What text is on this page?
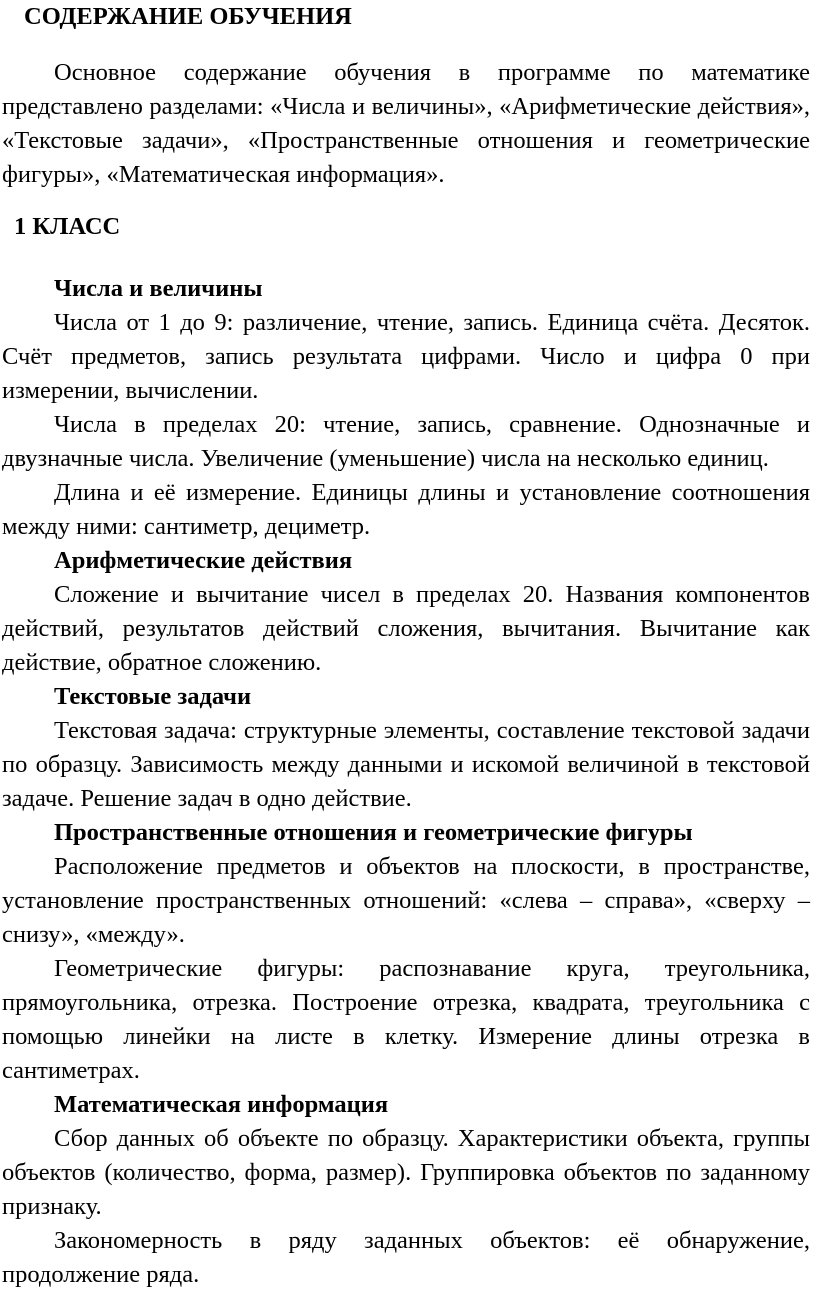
СОДЕРЖАНИЕ ОБУЧЕНИЯ

Основное содержание обучения в программе по математике представлено разделами: «Числа и величины», «Арифметические действия», «Текстовые задачи», «Пространственные отношения и геометрические фигуры», «Математическая информация».

1 КЛАСС
Числа и величины

Числа от 1 до 9: различение, чтение, запись. Единица счёта. Десяток. Счёт предметов, запись результата цифрами. Число и цифра 0 при измерении, вычислении.

Числа в пределах 20: чтение, запись, сравнение. Однозначные и двузначные числа. Увеличение (уменьшение) числа на несколько единиц.

Длина и её измерение. Единицы длины и установление соотношения между ними: сантиметр, дециметр.

Арифметические действия

Сложение и вычитание чисел в пределах 20. Названия компонентов действий, результатов действий сложения, вычитания. Вычитание как действие, обратное сложению.

Текстовые задачи

Текстовая задача: структурные элементы, составление текстовой задачи по образцу. Зависимость между данными и искомой величиной в текстовой задаче. Решение задач в одно действие.

Пространственные отношения и геометрические фигуры

Расположение предметов и объектов на плоскости, в пространстве, установление пространственных отношений: «слева – справа», «сверху – снизу», «между».

Геометрические фигуры: распознавание круга, треугольника, прямоугольника, отрезка. Построение отрезка, квадрата, треугольника с помощью линейки на листе в клетку. Измерение длины отрезка в сантиметрах.

Математическая информация

Сбор данных об объекте по образцу. Характеристики объекта, группы объектов (количество, форма, размер). Группировка объектов по заданному признаку.

Закономерность в ряду заданных объектов: её обнаружение, продолжение ряда.
